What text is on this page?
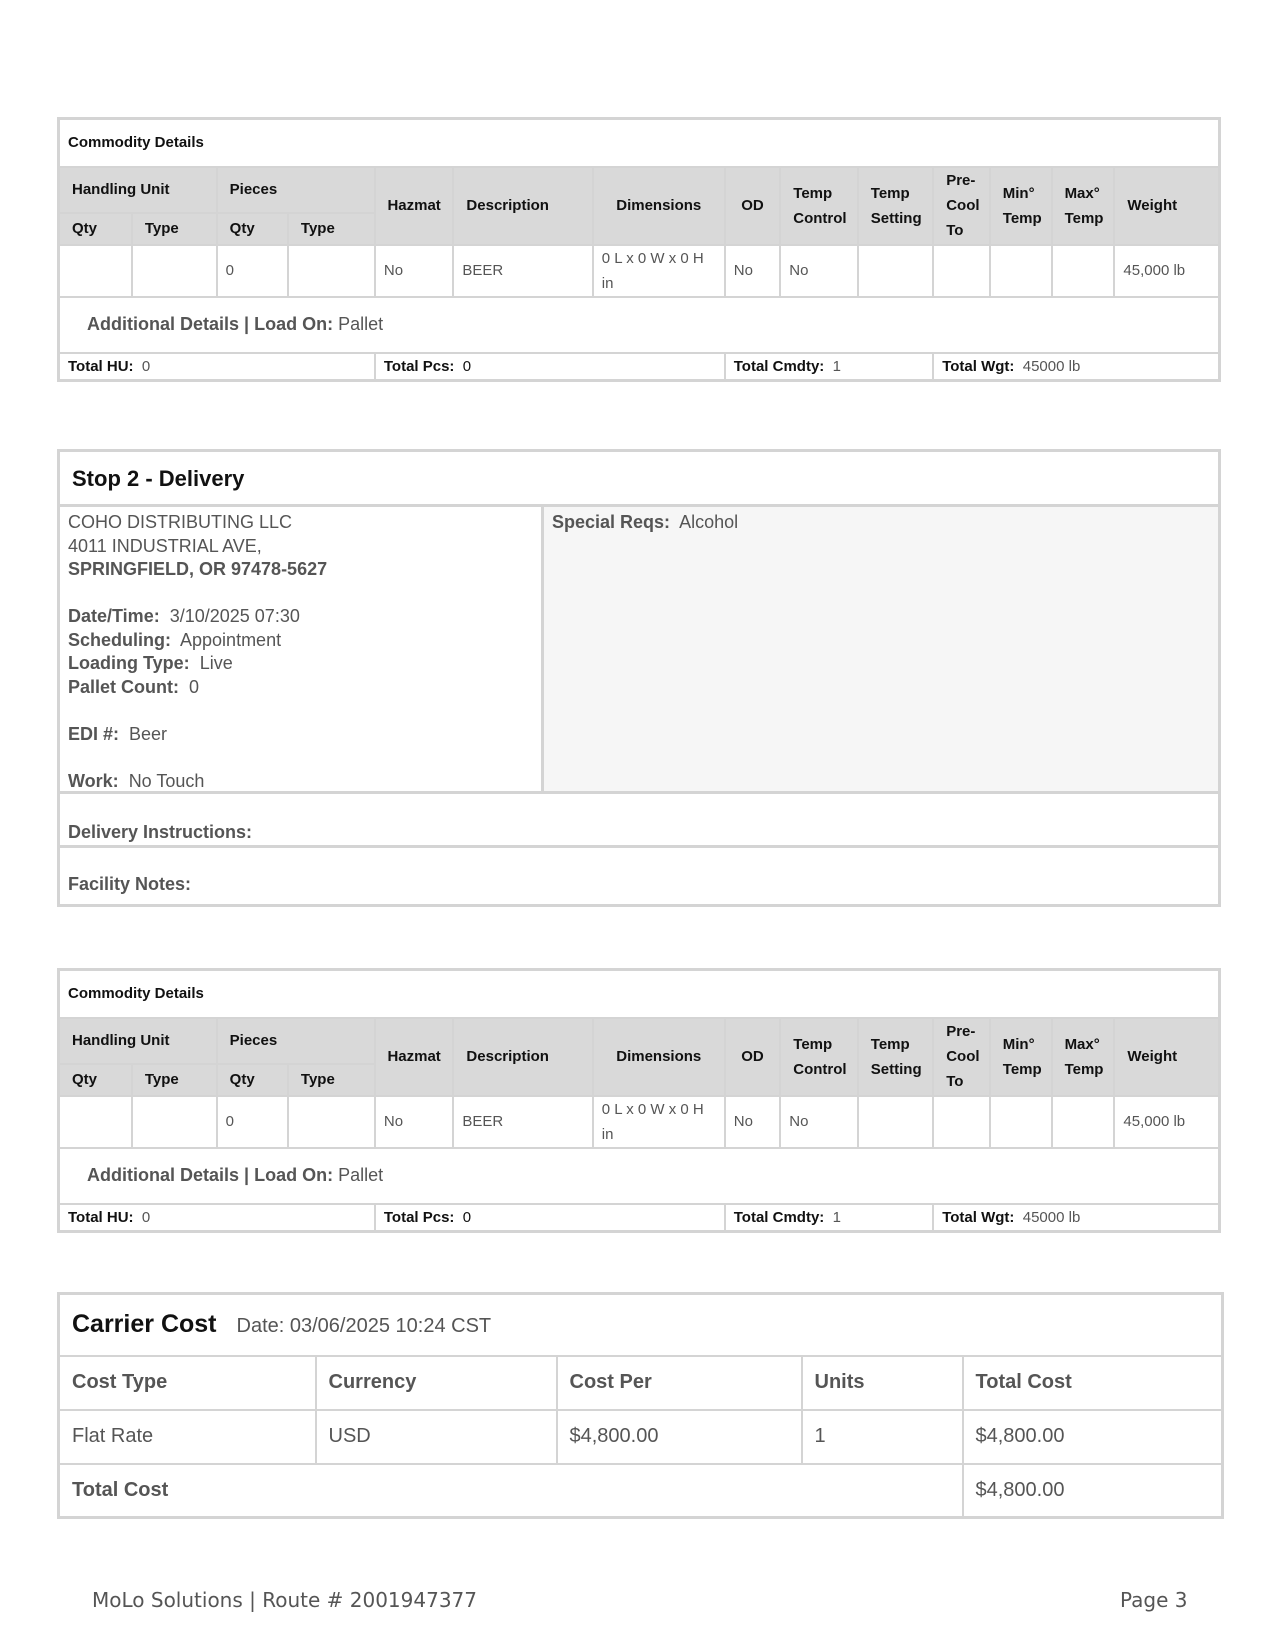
Commodity Details													
Handling Unit		Pieces		Hazmat	Description	Dimensions	OD	Temp Control	Temp Setting	Pre-Cool To	Min° Temp	Max° Temp	Weight
Qty	Type	Qty	Type										
		0		No	BEER	0 L x 0 W x 0 H in	No	No					45,000 lb
Additional Details | Load On: Pallet													
Total HU: 0				Total Pcs: 0			Total Cmdty: 1			Total Wgt: 45000 lb			
Stop 2 - Delivery
COHO DISTRIBUTING LLC
4011 INDUSTRIAL AVE,
SPRINGFIELD, OR 97478-5627
Date/Time: 3/10/2025 07:30
Scheduling: Appointment
Loading Type: Live
Pallet Count: 0
EDI #: Beer
Work: No Touch
Special Reqs: Alcohol
Delivery Instructions:
Facility Notes:
Commodity Details													
Handling Unit		Pieces		Hazmat	Description	Dimensions	OD	Temp Control	Temp Setting	Pre-Cool To	Min° Temp	Max° Temp	Weight
Qty	Type	Qty	Type										
		0		No	BEER	0 L x 0 W x 0 H in	No	No					45,000 lb
Additional Details | Load On: Pallet													
Total HU: 0				Total Pcs: 0			Total Cmdty: 1			Total Wgt: 45000 lb			
Carrier Cost Date: 03/06/2025 10:24 CST				
Cost Type	Currency	Cost Per	Units	Total Cost
Flat Rate	USD	$4,800.00	1	$4,800.00
Total Cost				$4,800.00
MoLo Solutions | Route # 2001947377	Page 3
